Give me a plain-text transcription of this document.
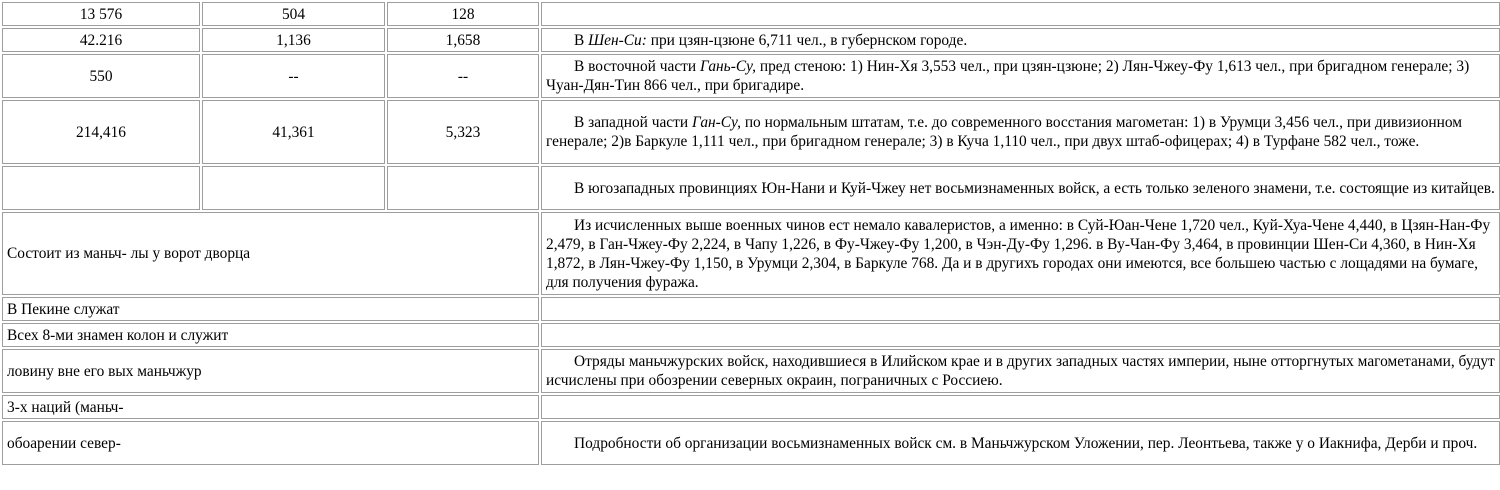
13 576	504	128	
42.216	1,136	1,658	В Шен-Си: при цзян-цзюне 6,711 чел., в губернском городе.
550	--	--	В восточной части Гань-Су, пред стеною: 1) Нин-Хя 3,553 чел., при цзян-цзюне; 2) Лян-Чжеу-Фу 1,613 чел., при бригадном генерале; 3) Чуан-Дян-Тин 866 чел., при бригадире.
214,416	41,361	5,323	В западной части Ган-Су, по нормальным штатам, т.е. до современного восстания магометан: 1) в Урумци 3,456 чел., при дивизионном генерале; 2)в Баркуле 1,111 чел., при бригадном генерале; 3) в Куча 1,110 чел., при двух штаб-офицерах; 4) в Турфане 582 чел., тоже.
			В югозападных провинциях Юн-Нани и Куй-Чжеу нет восьмизнаменных войск, а есть только зеленого знамени, т.е. состоящие из китайцев.
Состоит из маньч- лы у ворот дворца			Из исчисленных выше военных чинов ест немало кавалеристов, а именно: в Суй-Юан-Чене 1,720 чел., Куй-Хуа-Чене 4,440, в Цзян-Нан-Фу 2,479, в Ган-Чжеу-Фу 2,224, в Чапу 1,226, в Фу-Чжеу-Фу 1,200, в Чэн-Ду-Фу 1,296. в Ву-Чан-Фу 3,464, в провинции Шен-Си 4,360, в Нин-Хя 1,872, в Лян-Чжеу-Фу 1,150, в Урумци 2,304, в Баркуле 768. Да и в другихъ городах они имеются, все большею частью с лощадями на бумаге, для получения фуража.
В Пекине служат			
Всех 8-ми знамен колон и служит			
ловину вне его вых маньчжур			Отряды маньчжурских войск, находившиеся в Илийском крае и в других западных частях империи, ныне отторгнутых магометанами, будут исчислены при обозрении северных окраин, пограничных с Россиею.
3-х наций (маньч-			
обоарении север-			Подробности об организации восьмизнаменных войск см. в Маньчжурском Уложении, пер. Леонтьева, также у о Иакнифа, Дерби и проч.
